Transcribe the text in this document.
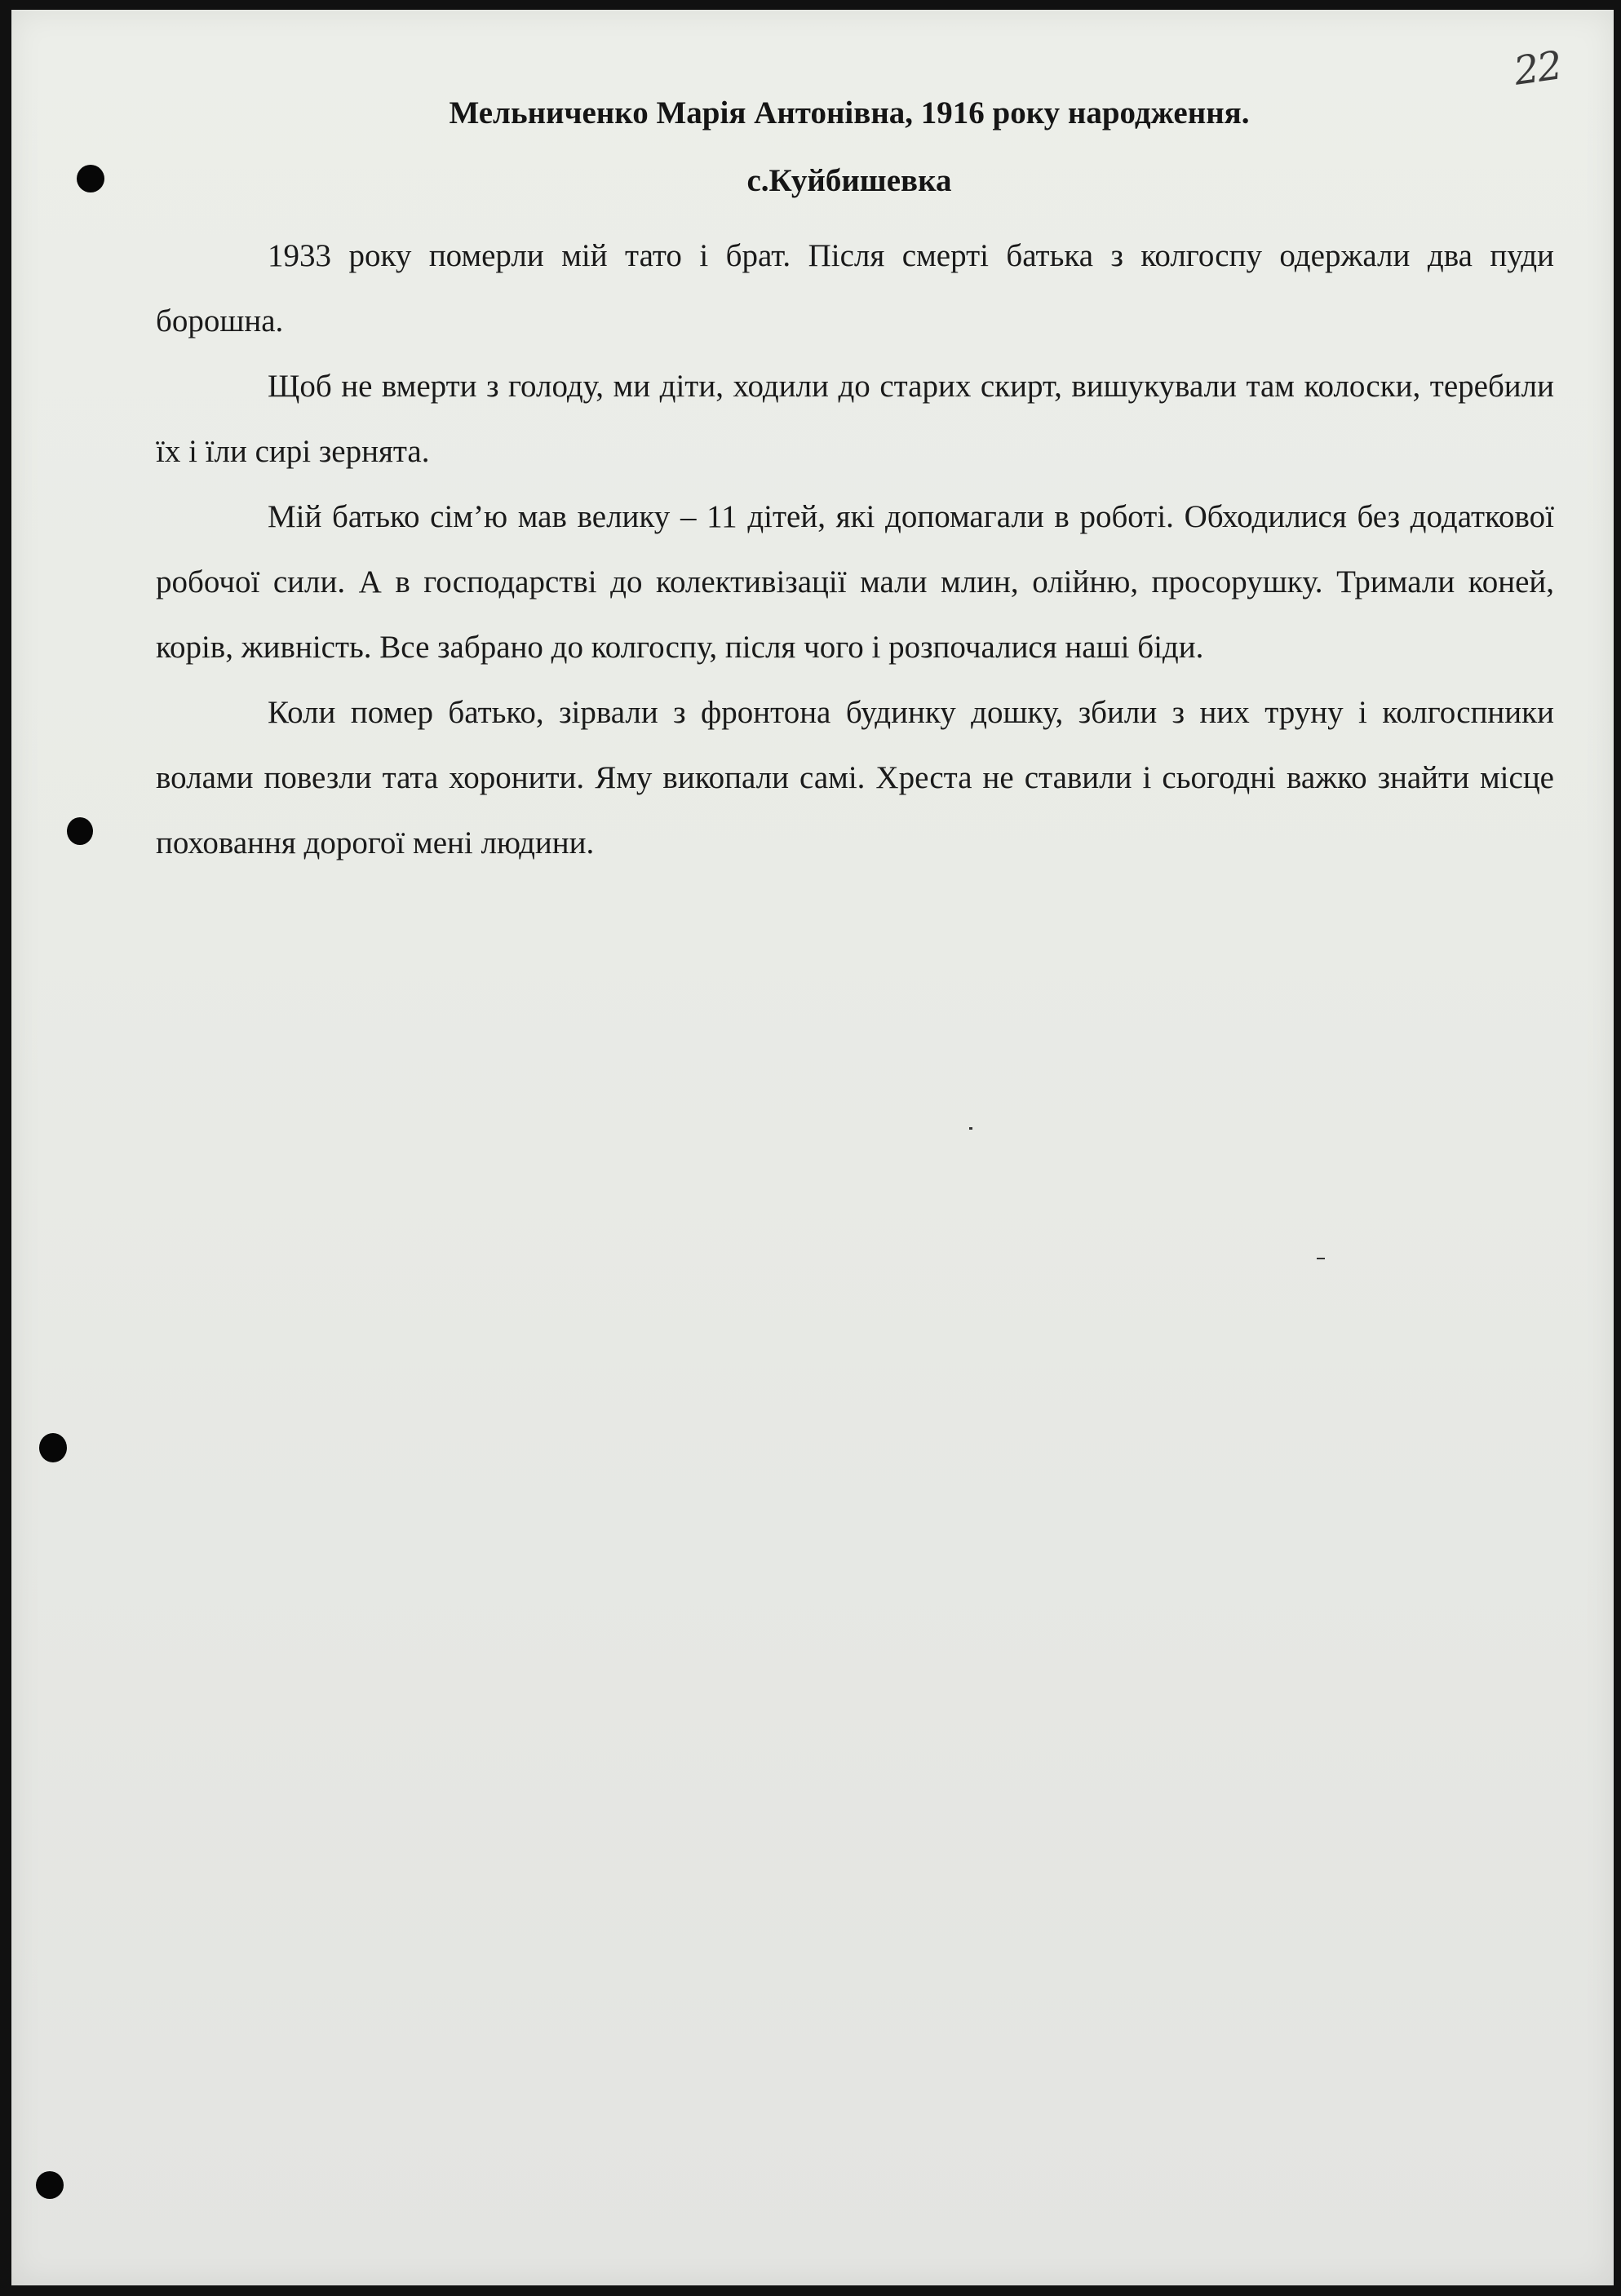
22
Мельниченко Марія Антонівна, 1916 року народження.
с.Куйбишевка

1933 року померли мій тато і брат. Після смерті батька з колгоспу одержали два пуди борошна.

Щоб не вмерти з голоду, ми діти, ходили до старих скирт, вишукували там колоски, теребили їх і їли сирі зернята.

Мій батько сім’ю мав велику – 11 дітей, які допомагали в роботі. Обходилися без додаткової робочої сили. А в господарстві до колективізації мали млин, олійню, просорушку. Тримали коней, корів, живність. Все забрано до колгоспу, після чого і розпочалися наші біди.

Коли помер батько, зірвали з фронтона будинку дошку, збили з них труну і колгоспники волами повезли тата хоронити. Яму викопали самі. Хреста не ставили і сьогодні важко знайти місце поховання дорогої мені людини.
